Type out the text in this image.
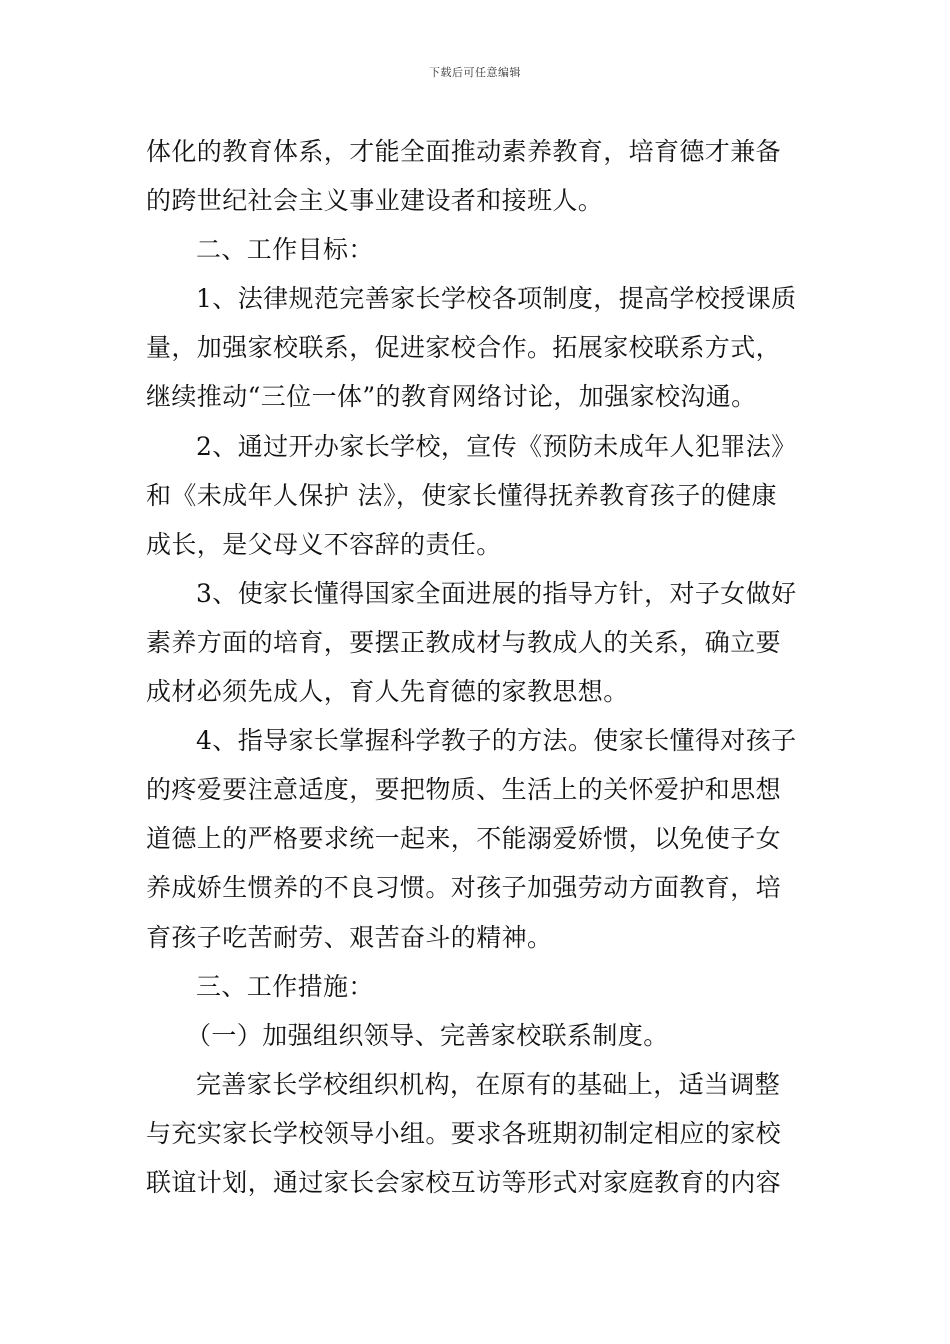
下载后可任意编辑
体化的教育体系，才能全面推动素养教育，培育德才兼备
的跨世纪社会主义事业建设者和接班人。
二、工作目标：
1、法律规范完善家长学校各项制度，提高学校授课质
量，加强家校联系，促进家校合作。拓展家校联系方式，
继续推动“三位一体”的教育网络讨论，加强家校沟通。
2、通过开办家长学校，宣传《预防未成年人犯罪法》
和《未成年人保护 法》，使家长懂得抚养教育孩子的健康
成长，是父母义不容辞的责任。
3、使家长懂得国家全面进展的指导方针，对子女做好
素养方面的培育，要摆正教成材与教成人的关系，确立要
成材必须先成人，育人先育德的家教思想。
4、指导家长掌握科学教子的方法。使家长懂得对孩子
的疼爱要注意适度，要把物质、生活上的关怀爱护和思想
道德上的严格要求统一起来，不能溺爱娇惯，以免使子女
养成娇生惯养的不良习惯。对孩子加强劳动方面教育，培
育孩子吃苦耐劳、艰苦奋斗的精神。
三、工作措施：
（一）加强组织领导、完善家校联系制度。
完善家长学校组织机构，在原有的基础上，适当调整
与充实家长学校领导小组。要求各班期初制定相应的家校
联谊计划，通过家长会家校互访等形式对家庭教育的内容
